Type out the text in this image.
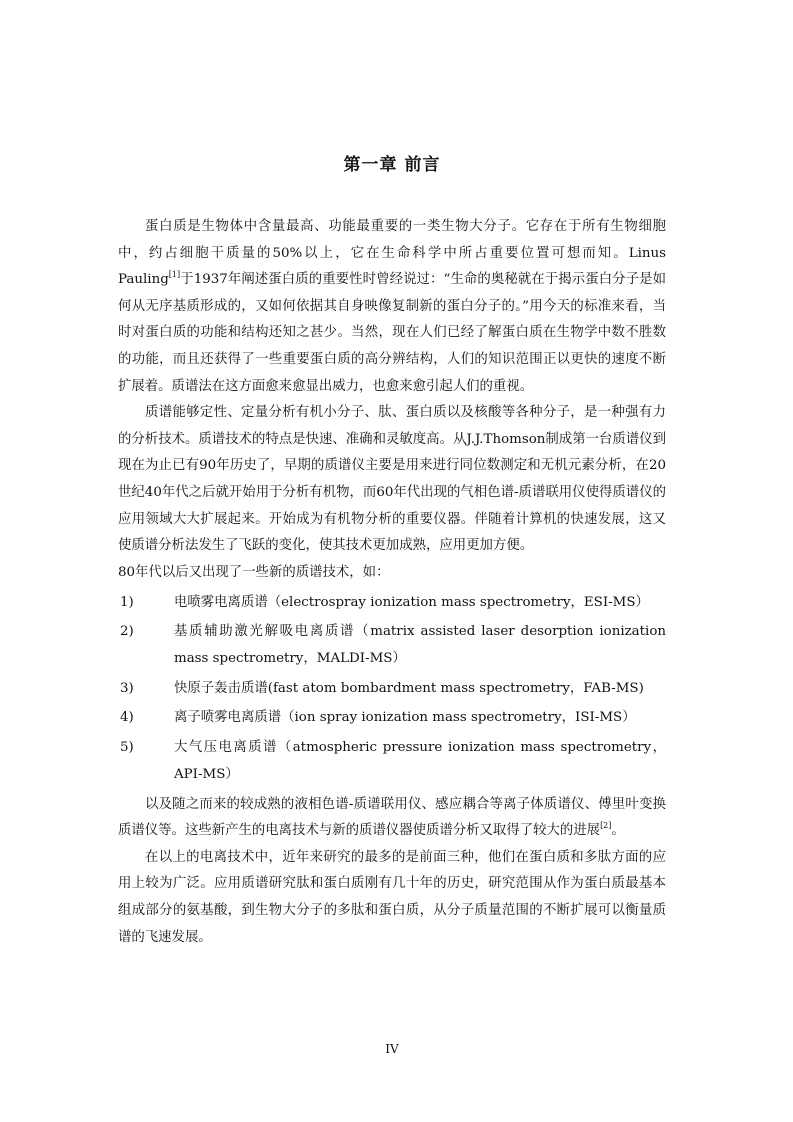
第一章 前言

蛋白质是生物体中含量最高、功能最重要的一类生物大分子。它存在于所有生物细胞中，约占细胞干质量的50%以上，它在生命科学中所占重要位置可想而知。Linus Pauling[1]于1937年阐述蛋白质的重要性时曾经说过：“生命的奥秘就在于揭示蛋白分子是如何从无序基质形成的，又如何依据其自身映像复制新的蛋白分子的。”用今天的标准来看，当时对蛋白质的功能和结构还知之甚少。当然，现在人们已经了解蛋白质在生物学中数不胜数的功能，而且还获得了一些重要蛋白质的高分辨结构，人们的知识范围正以更快的速度不断扩展着。质谱法在这方面愈来愈显出威力，也愈来愈引起人们的重视。

质谱能够定性、定量分析有机小分子、肽、蛋白质以及核酸等各种分子，是一种强有力的分析技术。质谱技术的特点是快速、准确和灵敏度高。从J.J.Thomson制成第一台质谱仪到现在为止已有90年历史了，早期的质谱仪主要是用来进行同位数测定和无机元素分析，在20世纪40年代之后就开始用于分析有机物，而60年代出现的气相色谱-质谱联用仪使得质谱仪的应用领域大大扩展起来。开始成为有机物分析的重要仪器。伴随着计算机的快速发展，这又使质谱分析法发生了飞跃的变化，使其技术更加成熟，应用更加方便。

80年代以后又出现了一些新的质谱技术，如：

1)	电喷雾电离质谱（electrospray ionization mass spectrometry，ESI-MS）
2)	基质辅助激光解吸电离质谱（matrix assisted laser desorption ionization mass spectrometry，MALDI-MS）
3)	快原子轰击质谱(fast atom bombardment mass spectrometry，FAB-MS)
4)	离子喷雾电离质谱（ion spray ionization mass spectrometry，ISI-MS）
5)	大气压电离质谱（atmospheric pressure ionization mass spectrometry，API-MS）

以及随之而来的较成熟的液相色谱-质谱联用仪、感应耦合等离子体质谱仪、傅里叶变换质谱仪等。这些新产生的电离技术与新的质谱仪器使质谱分析又取得了较大的进展[2]。

在以上的电离技术中，近年来研究的最多的是前面三种，他们在蛋白质和多肽方面的应用上较为广泛。应用质谱研究肽和蛋白质刚有几十年的历史，研究范围从作为蛋白质最基本组成部分的氨基酸，到生物大分子的多肽和蛋白质，从分子质量范围的不断扩展可以衡量质谱的飞速发展。

IV
